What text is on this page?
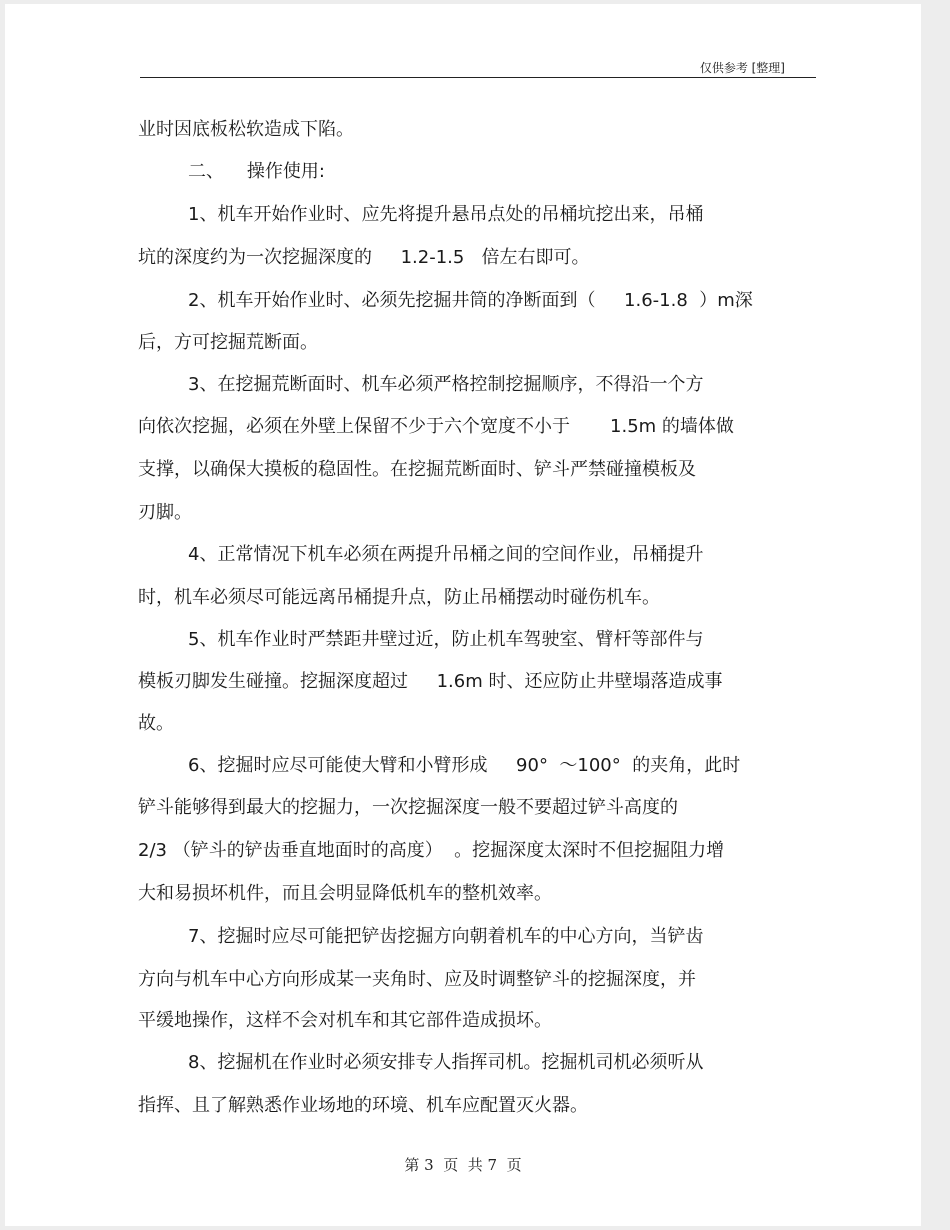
仅供参考 [整理]
业时因底板松软造成下陷。
二、    操作使用:
1、机车开始作业时、应先将提升悬吊点处的吊桶坑挖出来，吊桶
坑的深度约为一次挖掘深度的     1.2-1.5   倍左右即可。
2、机车开始作业时、必须先挖掘井筒的净断面到（     1.6-1.8  ）m深
后，方可挖掘荒断面。
3、在挖掘荒断面时、机车必须严格控制挖掘顺序，不得沿一个方
向依次挖掘，必须在外壁上保留不少于六个宽度不小于       1.5m 的墙体做
支撑，以确保大摸板的稳固性。在挖掘荒断面时、铲斗严禁碰撞模板及
刃脚。
4、正常情况下机车必须在两提升吊桶之间的空间作业，吊桶提升
时，机车必须尽可能远离吊桶提升点，防止吊桶摆动时碰伤机车。
5、机车作业时严禁距井壁过近，防止机车驾驶室、臂杆等部件与
模板刃脚发生碰撞。挖掘深度超过     1.6m 时、还应防止井壁塌落造成事
故。
6、挖掘时应尽可能使大臂和小臂形成     90°  ～100°  的夹角，此时
铲斗能够得到最大的挖掘力，一次挖掘深度一般不要超过铲斗高度的
2/3 （铲斗的铲齿垂直地面时的高度）  。挖掘深度太深时不但挖掘阻力增
大和易损坏机件，而且会明显降低机车的整机效率。
7、挖掘时应尽可能把铲齿挖掘方向朝着机车的中心方向，当铲齿
方向与机车中心方向形成某一夹角时、应及时调整铲斗的挖掘深度，并
平缓地操作，这样不会对机车和其它部件造成损坏。
8、挖掘机在作业时必须安排专人指挥司机。挖掘机司机必须听从
指挥、且了解熟悉作业场地的环境、机车应配置灭火器。
第 3  页  共 7  页
